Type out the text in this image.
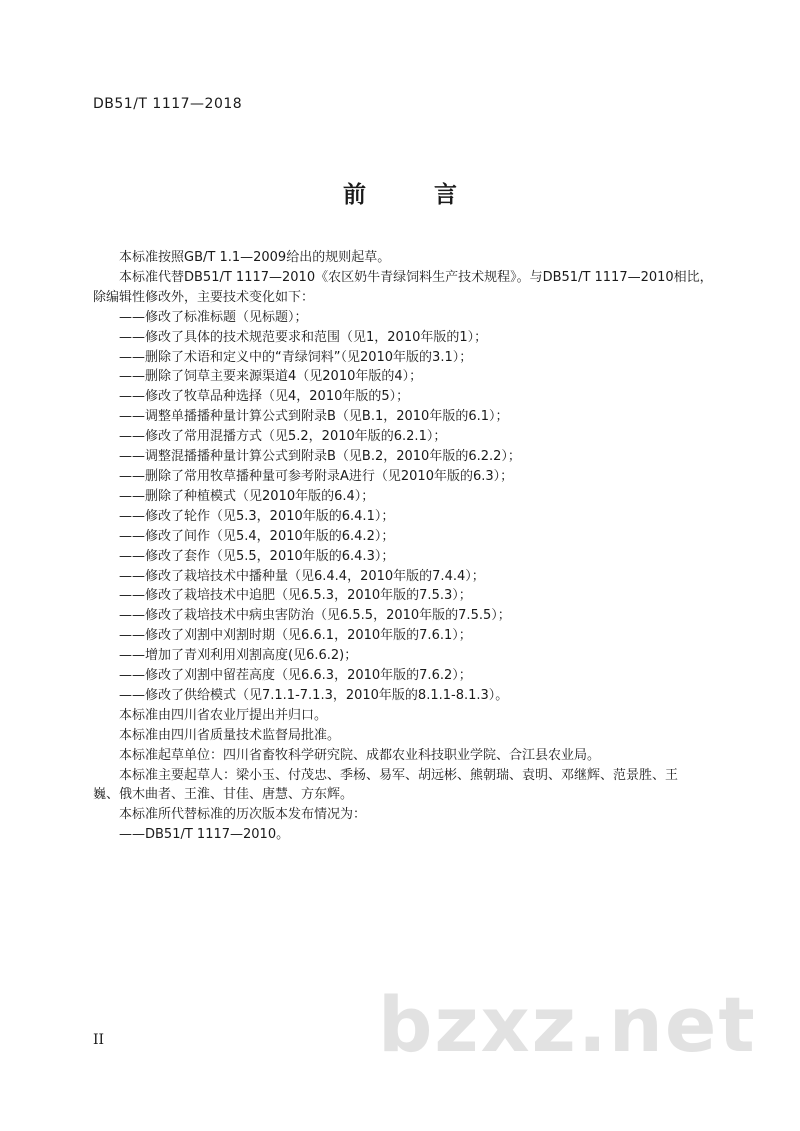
DB51/T 1117—2018
前 言

本标准按照GB/T 1.1—2009给出的规则起草。

本标准代替DB51/T 1117—2010《农区奶牛青绿饲料生产技术规程》。与DB51/T 1117—2010相比，

除编辑性修改外，主要技术变化如下：

——修改了标准标题（见标题）；

——修改了具体的技术规范要求和范围（见1，2010年版的1）；

——删除了术语和定义中的“青绿饲料”（见2010年版的3.1）；

——删除了饲草主要来源渠道4（见2010年版的4）；

——修改了牧草品种选择（见4，2010年版的5）；

——调整单播播种量计算公式到附录B（见B.1，2010年版的6.1）；

——修改了常用混播方式（见5.2，2010年版的6.2.1）；

——调整混播播种量计算公式到附录B（见B.2，2010年版的6.2.2）；

——删除了常用牧草播种量可参考附录A进行（见2010年版的6.3）；

——删除了种植模式（见2010年版的6.4）；

——修改了轮作（见5.3，2010年版的6.4.1）；

——修改了间作（见5.4，2010年版的6.4.2）；

——修改了套作（见5.5，2010年版的6.4.3）；

——修改了栽培技术中播种量（见6.4.4，2010年版的7.4.4）；

——修改了栽培技术中追肥（见6.5.3，2010年版的7.5.3）；

——修改了栽培技术中病虫害防治（见6.5.5，2010年版的7.5.5）；

——修改了刈割中刈割时期（见6.6.1，2010年版的7.6.1）；

——增加了青刈利用刈割高度(见6.6.2)；

——修改了刈割中留茬高度（见6.6.3，2010年版的7.6.2）；

——修改了供给模式（见7.1.1-7.1.3，2010年版的8.1.1-8.1.3）。

本标准由四川省农业厅提出并归口。

本标准由四川省质量技术监督局批准。

本标准起草单位：四川省畜牧科学研究院、成都农业科技职业学院、合江县农业局。

本标准主要起草人：梁小玉、付茂忠、季杨、易军、胡远彬、熊朝瑞、袁明、邓继辉、范景胜、王

巍、俄木曲者、王淮、甘佳、唐慧、方东辉。

本标准所代替标准的历次版本发布情况为：

——DB51/T 1117—2010。

bzxz.net
II
